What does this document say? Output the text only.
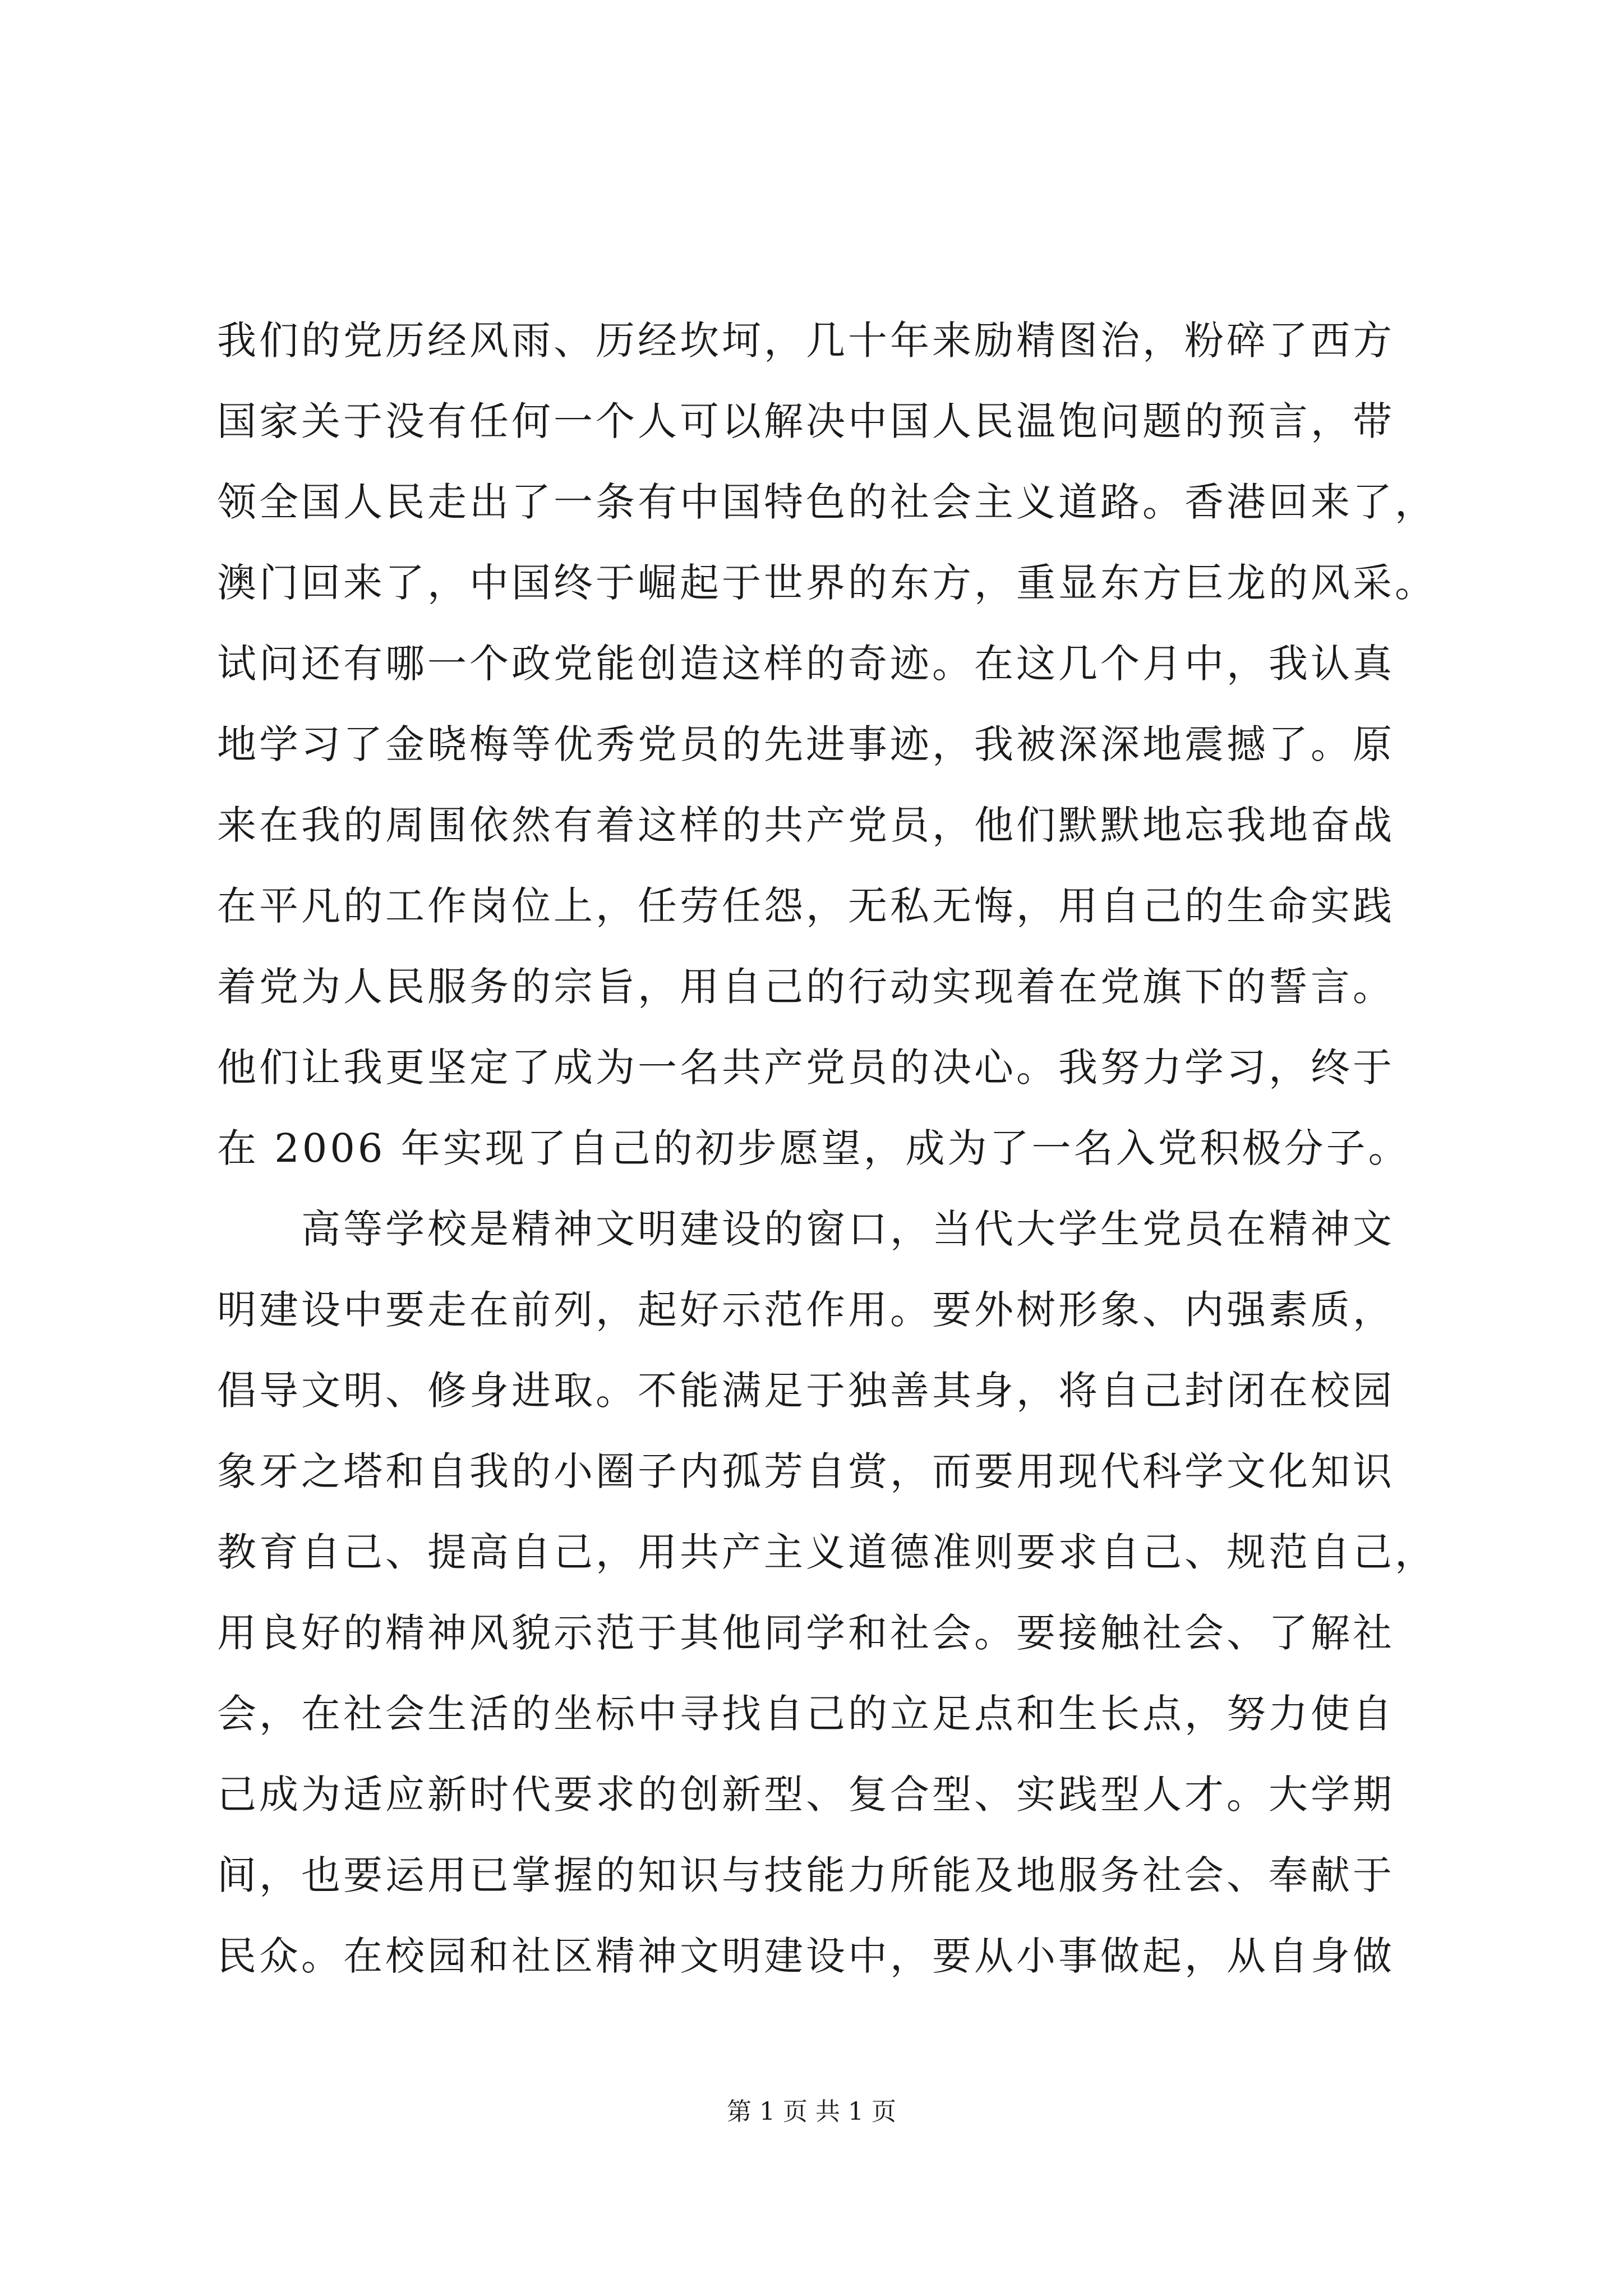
我们的党历经风雨、历经坎坷，几十年来励精图治，粉碎了西方
国家关于没有任何一个人可以解决中国人民温饱问题的预言，带
领全国人民走出了一条有中国特色的社会主义道路。香港回来了，
澳门回来了，中国终于崛起于世界的东方，重显东方巨龙的风采。
试问还有哪一个政党能创造这样的奇迹。在这几个月中，我认真
地学习了金晓梅等优秀党员的先进事迹，我被深深地震撼了。原
来在我的周围依然有着这样的共产党员，他们默默地忘我地奋战
在平凡的工作岗位上，任劳任怨，无私无悔，用自己的生命实践
着党为人民服务的宗旨，用自己的行动实现着在党旗下的誓言。
他们让我更坚定了成为一名共产党员的决心。我努力学习，终于
在 2006 年实现了自己的初步愿望，成为了一名入党积极分子。
　　高等学校是精神文明建设的窗口，当代大学生党员在精神文
明建设中要走在前列，起好示范作用。要外树形象、内强素质，
倡导文明、修身进取。不能满足于独善其身，将自己封闭在校园
象牙之塔和自我的小圈子内孤芳自赏，而要用现代科学文化知识
教育自己、提高自己，用共产主义道德准则要求自己、规范自己，
用良好的精神风貌示范于其他同学和社会。要接触社会、了解社
会，在社会生活的坐标中寻找自己的立足点和生长点，努力使自
己成为适应新时代要求的创新型、复合型、实践型人才。大学期
间，也要运用已掌握的知识与技能力所能及地服务社会、奉献于
民众。在校园和社区精神文明建设中，要从小事做起，从自身做
第 1 页 共 1 页
